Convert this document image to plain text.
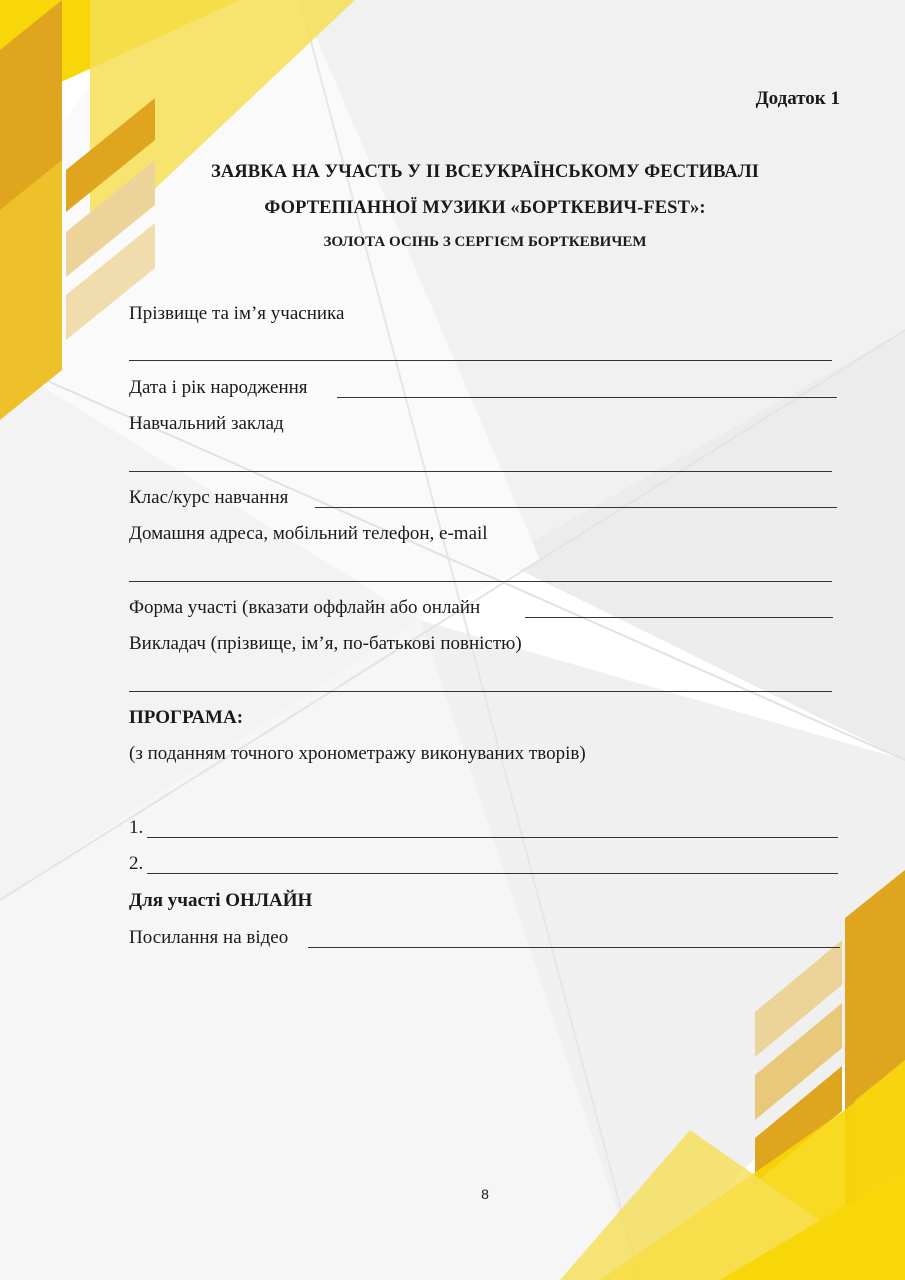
Додаток 1
ЗАЯВКА НА УЧАСТЬ У ІІ ВСЕУКРАЇНСЬКОМУ ФЕСТИВАЛІ
ФОРТЕПІАННОЇ МУЗИКИ «БОРТКЕВИЧ-FEST»:
ЗОЛОТА ОСІНЬ З СЕРГІЄМ БОРТКЕВИЧЕМ
Прізвище та ім’я учасника
Дата і рік народження
Навчальний заклад
Клас/курс навчання
Домашня адреса, мобільний телефон, e-mail
Форма участі (вказати оффлайн або онлайн
Викладач (прізвище, ім’я, по-батькові повністю)
ПРОГРАМА:
(з поданням точного хронометражу виконуваних творів)
1.
2.
Для участі ОНЛАЙН
Посилання на відео
8
